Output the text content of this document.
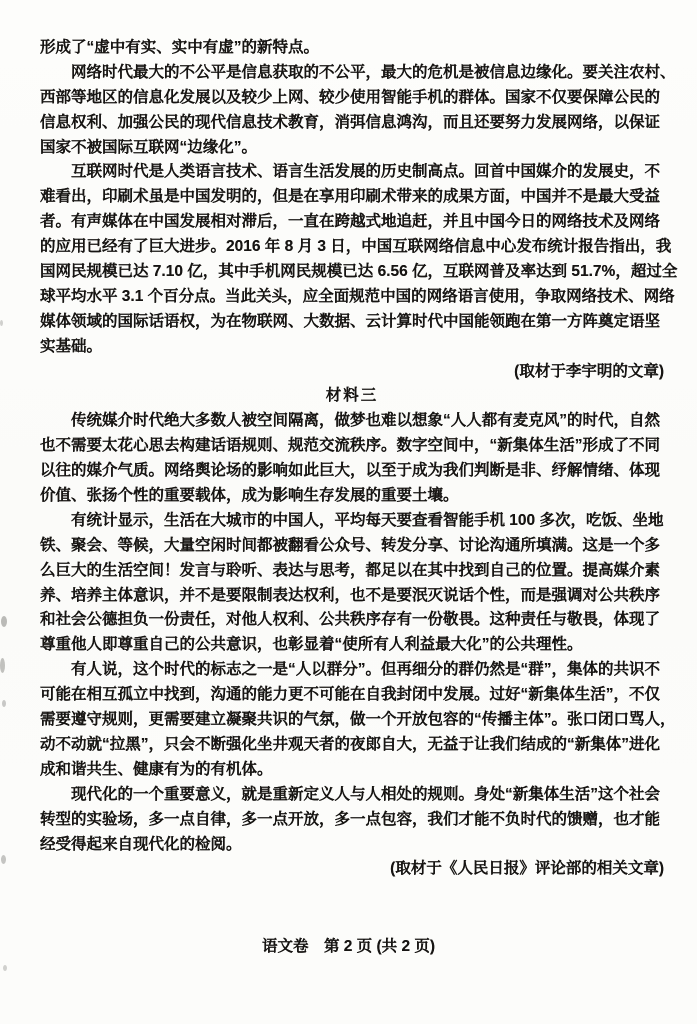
形成了“虚中有实、实中有虚”的新特点。
　　网络时代最大的不公平是信息获取的不公平，最大的危机是被信息边缘化。要关注农村、
西部等地区的信息化发展以及较少上网、较少使用智能手机的群体。国家不仅要保障公民的
信息权利、加强公民的现代信息技术教育，消弭信息鸿沟，而且还要努力发展网络，以保证
国家不被国际互联网“边缘化”。
　　互联网时代是人类语言技术、语言生活发展的历史制高点。回首中国媒介的发展史，不
难看出，印刷术虽是中国发明的，但是在享用印刷术带来的成果方面，中国并不是最大受益
者。有声媒体在中国发展相对滞后，一直在跨越式地追赶，并且中国今日的网络技术及网络
的应用已经有了巨大进步。2016 年 8 月 3 日，中国互联网络信息中心发布统计报告指出，我
国网民规模已达 7.10 亿，其中手机网民规模已达 6.56 亿，互联网普及率达到 51.7%，超过全
球平均水平 3.1 个百分点。当此关头，应全面规范中国的网络语言使用，争取网络技术、网络
媒体领域的国际话语权，为在物联网、大数据、云计算时代中国能领跑在第一方阵奠定语坚
实基础。
(取材于李宇明的文章)
材料三
　　传统媒介时代绝大多数人被空间隔离，做梦也难以想象“人人都有麦克风”的时代，自然
也不需要太花心思去构建话语规则、规范交流秩序。数字空间中，“新集体生活”形成了不同
以往的媒介气质。网络舆论场的影响如此巨大，以至于成为我们判断是非、纾解情绪、体现
价值、张扬个性的重要载体，成为影响生存发展的重要土壤。
　　有统计显示，生活在大城市的中国人，平均每天要查看智能手机 100 多次，吃饭、坐地
铁、聚会、等候，大量空闲时间都被翻看公众号、转发分享、讨论沟通所填满。这是一个多
么巨大的生活空间！发言与聆听、表达与思考，都足以在其中找到自己的位置。提高媒介素
养、培养主体意识，并不是要限制表达权利，也不是要泯灭说话个性，而是强调对公共秩序
和社会公德担负一份责任，对他人权利、公共秩序存有一份敬畏。这种责任与敬畏，体现了
尊重他人即尊重自己的公共意识，也彰显着“使所有人利益最大化”的公共理性。
　　有人说，这个时代的标志之一是“人以群分”。但再细分的群仍然是“群”，集体的共识不
可能在相互孤立中找到，沟通的能力更不可能在自我封闭中发展。过好“新集体生活”，不仅
需要遵守规则，更需要建立凝聚共识的气氛，做一个开放包容的“传播主体”。张口闭口骂人，
动不动就“拉黑”，只会不断强化坐井观天者的夜郎自大，无益于让我们结成的“新集体”进化
成和谐共生、健康有为的有机体。
　　现代化的一个重要意义，就是重新定义人与人相处的规则。身处“新集体生活”这个社会
转型的实验场，多一点自律，多一点开放，多一点包容，我们才能不负时代的馈赠，也才能
经受得起来自现代化的检阅。
(取材于《人民日报》评论部的相关文章)
语文卷　第 2 页 (共 2 页)
